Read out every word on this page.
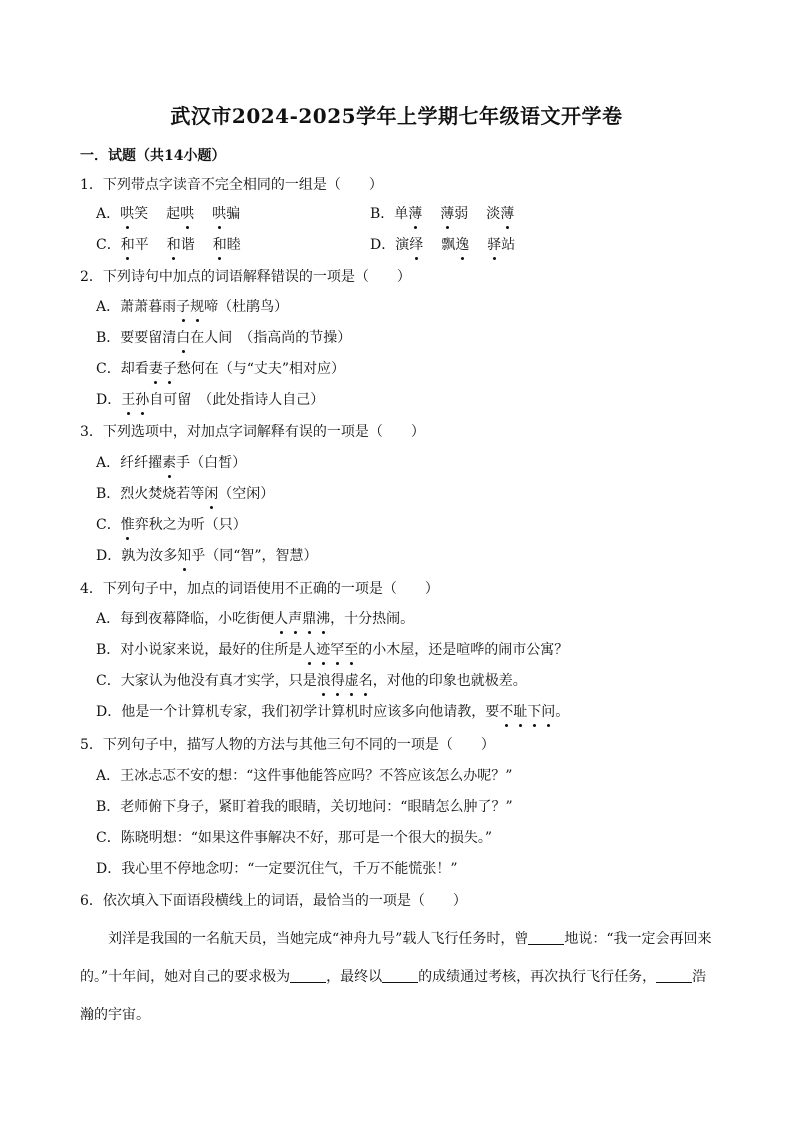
武汉市2024-2025学年上学期七年级语文开学卷
一．试题（共14小题）
1．下列带点字读音不完全相同的一组是（　　）
A．哄笑 起哄 哄骗	B．单薄 薄弱 淡薄
C．和平 和谐 和睦	D．演绎 飘逸 驿站
2．下列诗句中加点的词语解释错误的一项是（　　）
A．萧萧暮雨子规啼（杜鹃鸟）
B．要要留清白在人间　（指高尚的节操）
C．却看妻子愁何在（与“丈夫”相对应）
D．王孙自可留　（此处指诗人自己）
3．下列选项中，对加点字词解释有误的一项是（　　）
A．纤纤擢素手（白皙）
B．烈火焚烧若等闲（空闲）
C．惟弈秋之为听（只）
D．孰为汝多知乎（同“智”，智慧）
4．下列句子中，加点的词语使用不正确的一项是（　　）
A．每到夜幕降临，小吃街便人声鼎沸，十分热闹。
B．对小说家来说，最好的住所是人迹罕至的小木屋，还是喧哗的闹市公寓？
C．大家认为他没有真才实学，只是浪得虚名，对他的印象也就极差。
D．他是一个计算机专家，我们初学计算机时应该多向他请教，要不耻下问。
5．下列句子中，描写人物的方法与其他三句不同的一项是（　　）
A．王冰忐忑不安的想：“这件事他能答应吗？不答应该怎么办呢？”
B．老师俯下身子，紧盯着我的眼睛，关切地问：“眼睛怎么肿了？”
C．陈晓明想：“如果这件事解决不好，那可是一个很大的损失。”
D．我心里不停地念叨：“一定要沉住气，千万不能慌张！”
6．依次填入下面语段横线上的词语，最恰当的一项是（　　）
　　刘洋是我国的一名航天员，当她完成“神舟九号”载人飞行任务时，曾	地说：“我一定会再回来的。”十年间，她对自己的要求极为	，最终以	的成绩通过考核，再次执行飞行任务，	浩瀚的宇宙。
